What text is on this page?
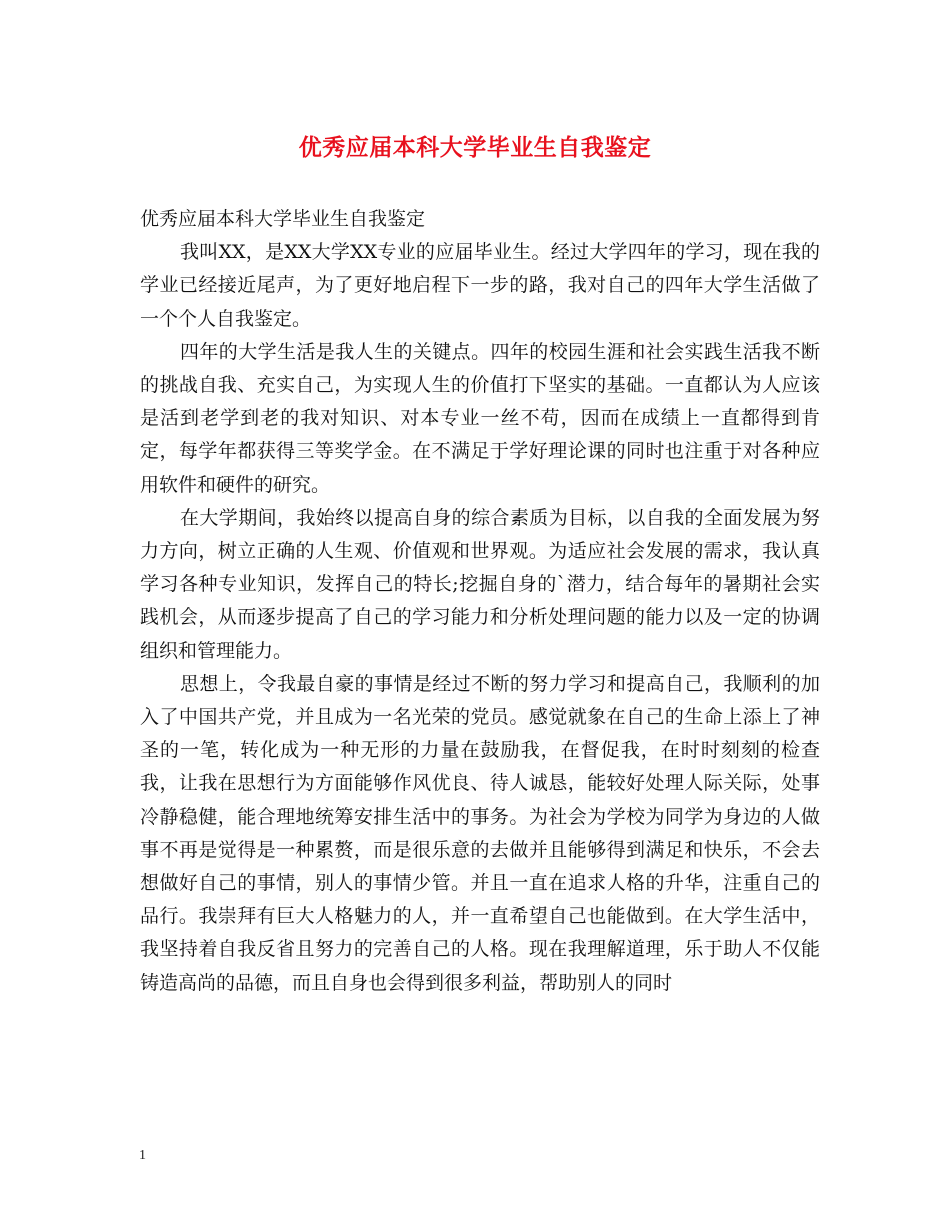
优秀应届本科大学毕业生自我鉴定

优秀应届本科大学毕业生自我鉴定

我叫XX，是XX大学XX专业的应届毕业生。经过大学四年的学习，现在我的学业已经接近尾声，为了更好地启程下一步的路，我对自己的四年大学生活做了一个个人自我鉴定。

四年的大学生活是我人生的关键点。四年的校园生涯和社会实践生活我不断的挑战自我、充实自己，为实现人生的价值打下坚实的基础。一直都认为人应该是活到老学到老的我对知识、对本专业一丝不苟，因而在成绩上一直都得到肯定，每学年都获得三等奖学金。在不满足于学好理论课的同时也注重于对各种应用软件和硬件的研究。

在大学期间，我始终以提高自身的综合素质为目标，以自我的全面发展为努力方向，树立正确的人生观、价值观和世界观。为适应社会发展的需求，我认真学习各种专业知识，发挥自己的特长;挖掘自身的`潜力，结合每年的暑期社会实践机会，从而逐步提高了自己的学习能力和分析处理问题的能力以及一定的协调组织和管理能力。

思想上，令我最自豪的事情是经过不断的努力学习和提高自己，我顺利的加入了中国共产党，并且成为一名光荣的党员。感觉就象在自己的生命上添上了神圣的一笔，转化成为一种无形的力量在鼓励我，在督促我，在时时刻刻的检查我，让我在思想行为方面能够作风优良、待人诚恳，能较好处理人际关际，处事冷静稳健，能合理地统筹安排生活中的事务。为社会为学校为同学为身边的人做事不再是觉得是一种累赘，而是很乐意的去做并且能够得到满足和快乐，不会去想做好自己的事情，别人的事情少管。并且一直在追求人格的升华，注重自己的品行。我崇拜有巨大人格魅力的人，并一直希望自己也能做到。在大学生活中，我坚持着自我反省且努力的完善自己的人格。现在我理解道理，乐于助人不仅能铸造高尚的品德，而且自身也会得到很多利益，帮助别人的同时

1
